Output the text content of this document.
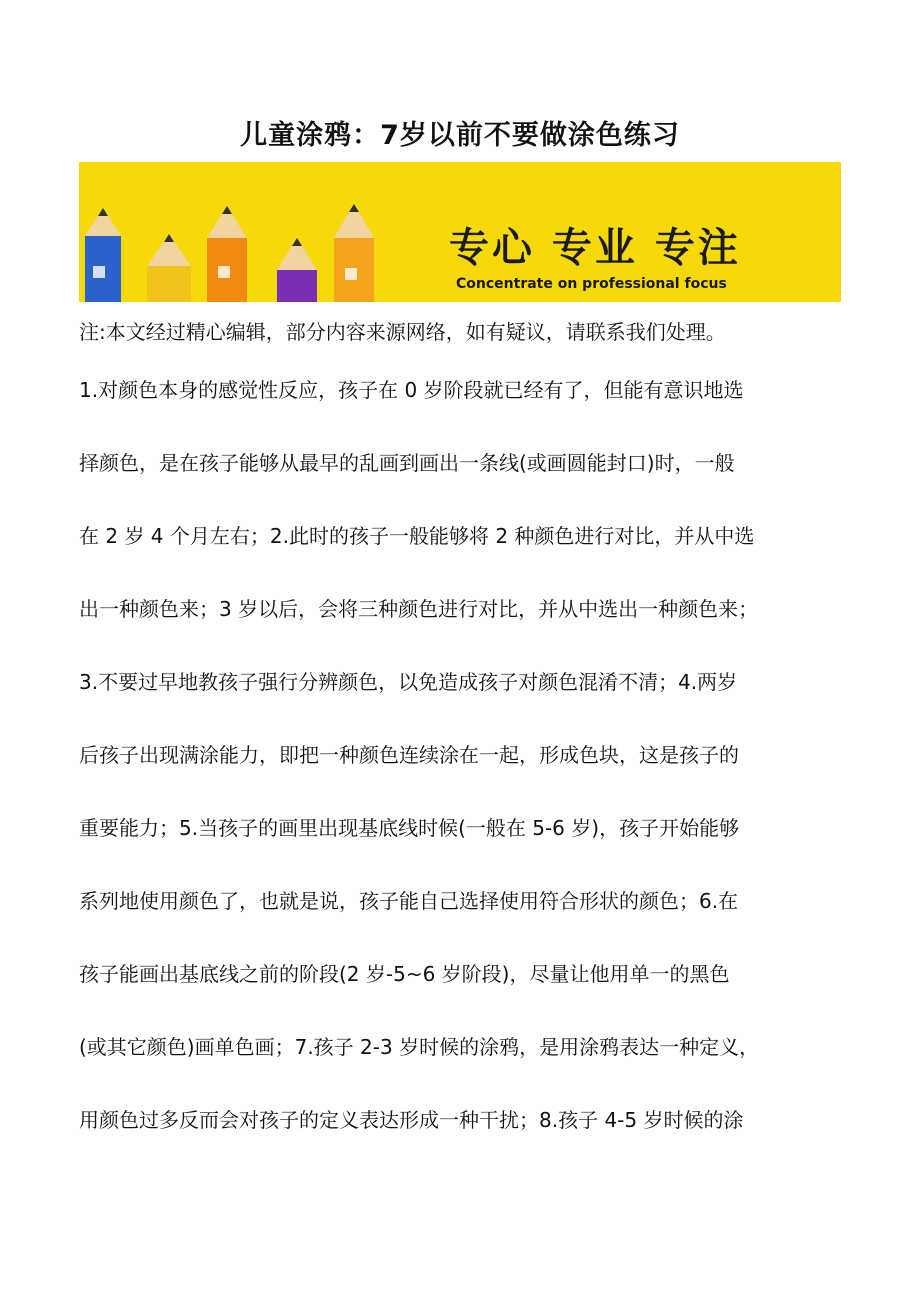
儿童涂鸦：7岁以前不要做涂色练习
专心 专业 专注
Concentrate on professional focus
注:本文经过精心编辑，部分内容来源网络，如有疑议，请联系我们处理。
1.对颜色本身的感觉性反应，孩子在 0 岁阶段就已经有了，但能有意识地选
择颜色，是在孩子能够从最早的乱画到画出一条线(或画圆能封口)时，一般
在 2 岁 4 个月左右；2.此时的孩子一般能够将 2 种颜色进行对比，并从中选
出一种颜色来；3 岁以后，会将三种颜色进行对比，并从中选出一种颜色来；
3.不要过早地教孩子强行分辨颜色，以免造成孩子对颜色混淆不清；4.两岁
后孩子出现满涂能力，即把一种颜色连续涂在一起，形成色块，这是孩子的
重要能力；5.当孩子的画里出现基底线时候(一般在 5-6 岁)，孩子开始能够
系列地使用颜色了，也就是说，孩子能自己选择使用符合形状的颜色；6.在
孩子能画出基底线之前的阶段(2 岁-5~6 岁阶段)，尽量让他用单一的黑色
(或其它颜色)画单色画；7.孩子 2-3 岁时候的涂鸦，是用涂鸦表达一种定义，
用颜色过多反而会对孩子的定义表达形成一种干扰；8.孩子 4-5 岁时候的涂
